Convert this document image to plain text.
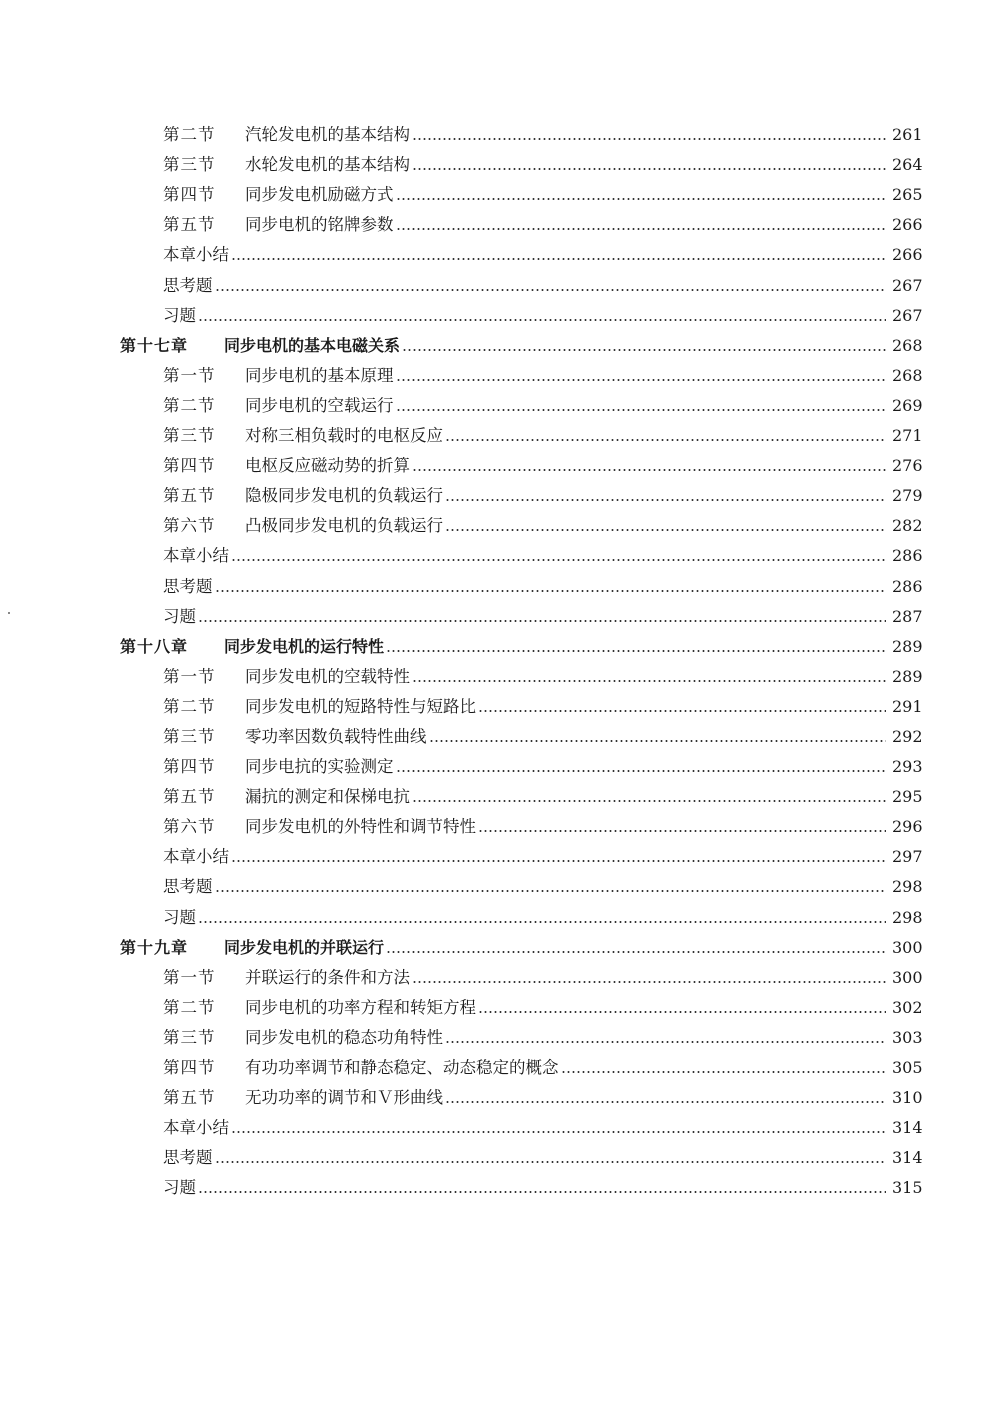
第二节	汽轮发电机的基本结构	261
第三节	水轮发电机的基本结构	264
第四节	同步发电机励磁方式	265
第五节	同步电机的铭牌参数	266
本章小结	266
思考题	267
习题	267
第十七章	同步电机的基本电磁关系	268
第一节	同步电机的基本原理	268
第二节	同步电机的空载运行	269
第三节	对称三相负载时的电枢反应	271
第四节	电枢反应磁动势的折算	276
第五节	隐极同步发电机的负载运行	279
第六节	凸极同步发电机的负载运行	282
本章小结	286
思考题	286
习题	287
第十八章	同步发电机的运行特性	289
第一节	同步发电机的空载特性	289
第二节	同步发电机的短路特性与短路比	291
第三节	零功率因数负载特性曲线	292
第四节	同步电抗的实验测定	293
第五节	漏抗的测定和保梯电抗	295
第六节	同步发电机的外特性和调节特性	296
本章小结	297
思考题	298
习题	298
第十九章	同步发电机的并联运行	300
第一节	并联运行的条件和方法	300
第二节	同步电机的功率方程和转矩方程	302
第三节	同步发电机的稳态功角特性	303
第四节	有功功率调节和静态稳定、动态稳定的概念	305
第五节	无功功率的调节和Ｖ形曲线	310
本章小结	314
思考题	314
习题	315
